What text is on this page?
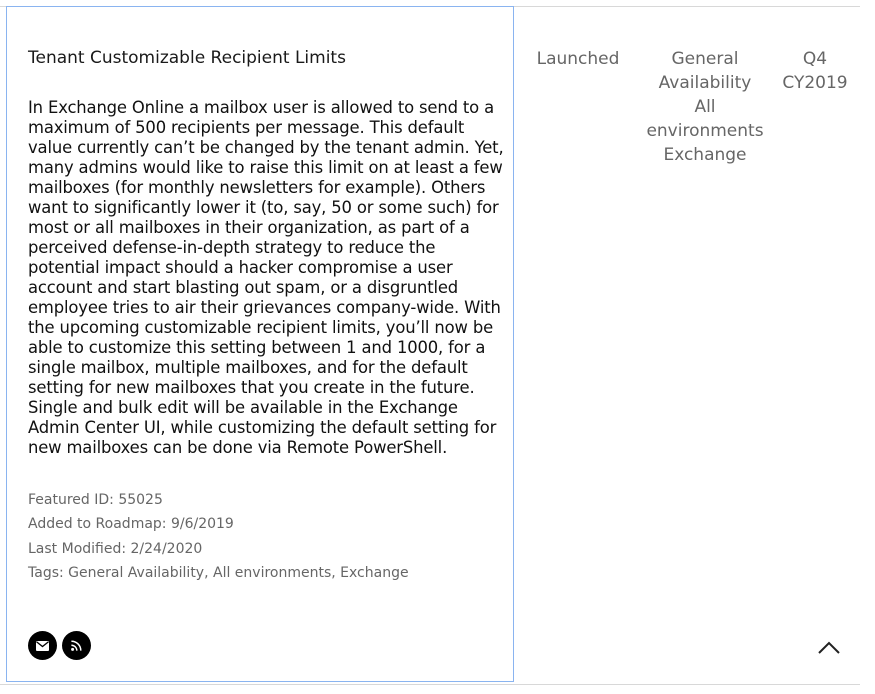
Tenant Customizable Recipient Limits

In Exchange Online a mailbox user is allowed to send to a maximum of 500 recipients per message. This default value currently can’t be changed by the tenant admin. Yet, many admins would like to raise this limit on at least a few mailboxes (for monthly newsletters for example). Others want to significantly lower it (to, say, 50 or some such) for most or all mailboxes in their organization, as part of a perceived defense-in-depth strategy to reduce the potential impact should a hacker compromise a user account and start blasting out spam, or a disgruntled employee tries to air their grievances company-wide. With the upcoming customizable recipient limits, you’ll now be able to customize this setting between 1 and 1000, for a single mailbox, multiple mailboxes, and for the default setting for new mailboxes that you create in the future. Single and bulk edit will be available in the Exchange Admin Center UI, while customizing the default setting for new mailboxes can be done via Remote PowerShell.

Featured ID: 55025
Added to Roadmap: 9/6/2019
Last Modified: 2/24/2020
Tags: General Availability, All environments, Exchange
Launched	General
Availability
All
environments
Exchange
Q4
CY2019
